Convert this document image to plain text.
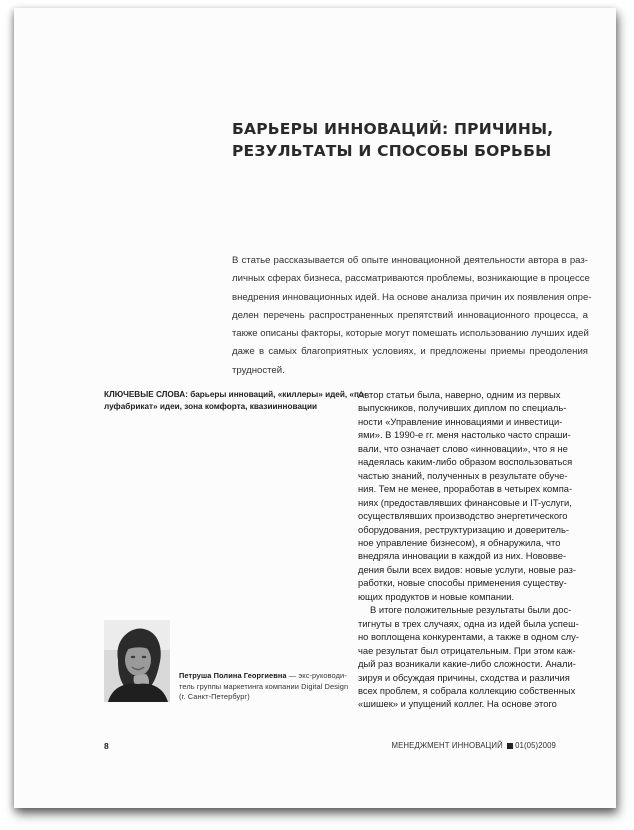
БАРЬЕРЫ ИННОВАЦИЙ: ПРИЧИНЫ,
РЕЗУЛЬТАТЫ И СПОСОБЫ БОРЬБЫ
В статье рассказывается об опыте инновационной деятельности автора в раз-
личных сферах бизнеса, рассматриваются проблемы, возникающие в процессе
внедрения инновационных идей. На основе анализа причин их появления опре-
делен перечень распространенных препятствий инновационного процесса, а
также описаны факторы, которые могут помешать использованию лучших идей
даже в самых благоприятных условиях, и предложены приемы преодоления
трудностей.
КЛЮЧЕВЫЕ СЛОВА: барьеры инноваций, «киллеры» идей, «по-
луфабрикат» идеи, зона комфорта, квазиинновации
Автор статьи была, наверно, одним из первых
выпускников, получивших диплом по специаль-
ности «Управление инновациями и инвестици-
ями». В 1990-е гг. меня настолько часто спраши-
вали, что означает слово «инновации», что я не
надеялась каким-либо образом воспользоваться
частью знаний, полученных в результате обуче-
ния. Тем не менее, проработав в четырех компа-
ниях (предоставлявших финансовые и IT-услуги,
осуществлявших производство энергетического
оборудования, реструктуризацию и доверитель-
ное управление бизнесом), я обнаружила, что
внедряла инновации в каждой из них. Нововве-
дения были всех видов: новые услуги, новые раз-
работки, новые способы применения существу-
ющих продуктов и новые компании.
В итоге положительные результаты были дос-
тигнуты в трех случаях, одна из идей была успеш-
но воплощена конкурентами, а также в одном слу-
чае результат был отрицательным. При этом каж-
дый раз возникали какие-либо сложности. Анали-
зируя и обсуждая причины, сходства и различия
всех проблем, я собрала коллекцию собственных
«шишек» и упущений коллег. На основе этого
Петруша Полина Георгиевна — экс-руководи-
тель группы маркетинга компании Digital Design
(г. Санкт-Петербург)
8	МЕНЕДЖМЕНТ ИННОВАЦИЙ 01(05)2009
